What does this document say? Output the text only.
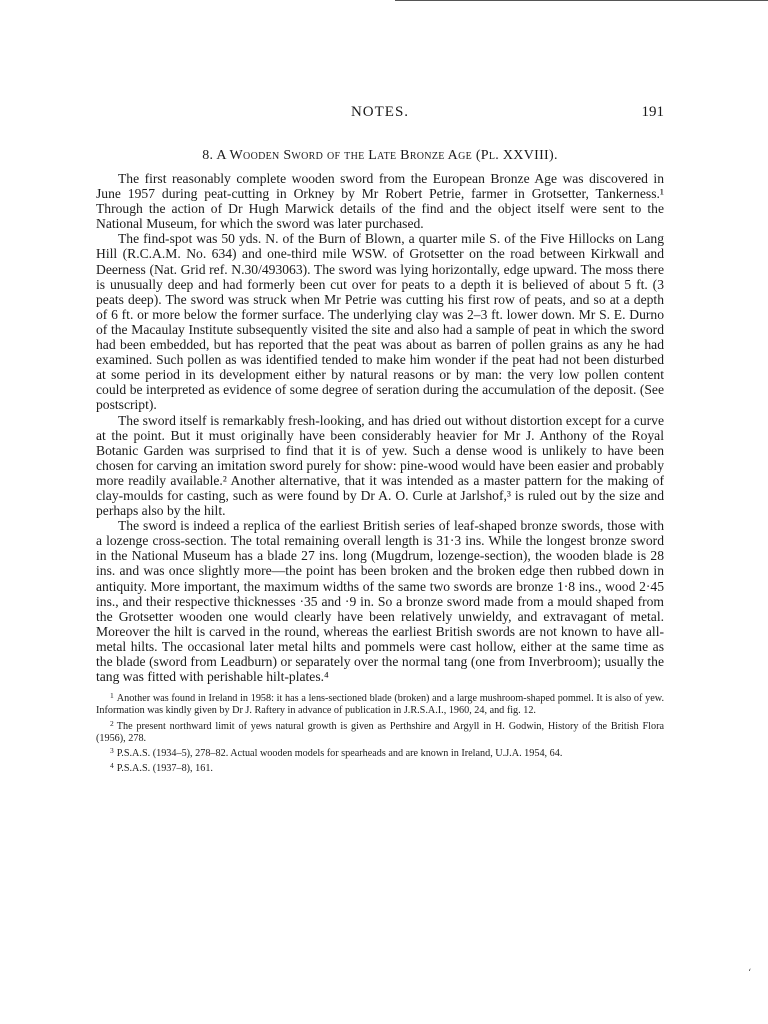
NOTES.	191
8. A Wooden Sword of the Late Bronze Age (Pl. XXVIII).

The first reasonably complete wooden sword from the European Bronze Age was discovered in June 1957 during peat-cutting in Orkney by Mr Robert Petrie, farmer in Grotsetter, Tankerness.¹ Through the action of Dr Hugh Marwick details of the find and the object itself were sent to the National Museum, for which the sword was later purchased.

The find-spot was 50 yds. N. of the Burn of Blown, a quarter mile S. of the Five Hillocks on Lang Hill (R.C.A.M. No. 634) and one-third mile WSW. of Grotsetter on the road between Kirkwall and Deerness (Nat. Grid ref. N.30/493063). The sword was lying horizontally, edge upward. The moss there is unusually deep and had formerly been cut over for peats to a depth it is believed of about 5 ft. (3 peats deep). The sword was struck when Mr Petrie was cutting his first row of peats, and so at a depth of 6 ft. or more below the former surface. The underlying clay was 2–3 ft. lower down. Mr S. E. Durno of the Macaulay Institute subsequently visited the site and also had a sample of peat in which the sword had been embedded, but has reported that the peat was about as barren of pollen grains as any he had examined. Such pollen as was identified tended to make him wonder if the peat had not been disturbed at some period in its development either by natural reasons or by man: the very low pollen content could be interpreted as evidence of some degree of seration during the accumulation of the deposit. (See postscript).

The sword itself is remarkably fresh-looking, and has dried out without distortion except for a curve at the point. But it must originally have been considerably heavier for Mr J. Anthony of the Royal Botanic Garden was surprised to find that it is of yew. Such a dense wood is unlikely to have been chosen for carving an imitation sword purely for show: pine-wood would have been easier and probably more readily available.² Another alternative, that it was intended as a master pattern for the making of clay-moulds for casting, such as were found by Dr A. O. Curle at Jarlshof,³ is ruled out by the size and perhaps also by the hilt.

The sword is indeed a replica of the earliest British series of leaf-shaped bronze swords, those with a lozenge cross-section. The total remaining overall length is 31·3 ins. While the longest bronze sword in the National Museum has a blade 27 ins. long (Mugdrum, lozenge-section), the wooden blade is 28 ins. and was once slightly more—the point has been broken and the broken edge then rubbed down in antiquity. More important, the maximum widths of the same two swords are bronze 1·8 ins., wood 2·45 ins., and their respective thicknesses ·35 and ·9 in. So a bronze sword made from a mould shaped from the Grotsetter wooden one would clearly have been relatively unwieldy, and extravagant of metal. Moreover the hilt is carved in the round, whereas the earliest British swords are not known to have all-metal hilts. The occasional later metal hilts and pommels were cast hollow, either at the same time as the blade (sword from Leadburn) or separately over the normal tang (one from Inverbroom); usually the tang was fitted with perishable hilt-plates.⁴

$^1$ Another was found in Ireland in 1958: it has a lens-sectioned blade (broken) and a large mushroom-shaped pommel. It is also of yew. Information was kindly given by Dr J. Raftery in advance of publication in J.R.S.A.I., 1960, 24, and fig. 12.

$^2$ The present northward limit of yews natural growth is given as Perthshire and Argyll in H. Godwin, History of the British Flora (1956), 278.

$^3$ P.S.A.S. (1934–5), 278–82. Actual wooden models for spearheads and are known in Ireland, U.J.A. 1954, 64.

$^4$ P.S.A.S. (1937–8), 161.

‘
